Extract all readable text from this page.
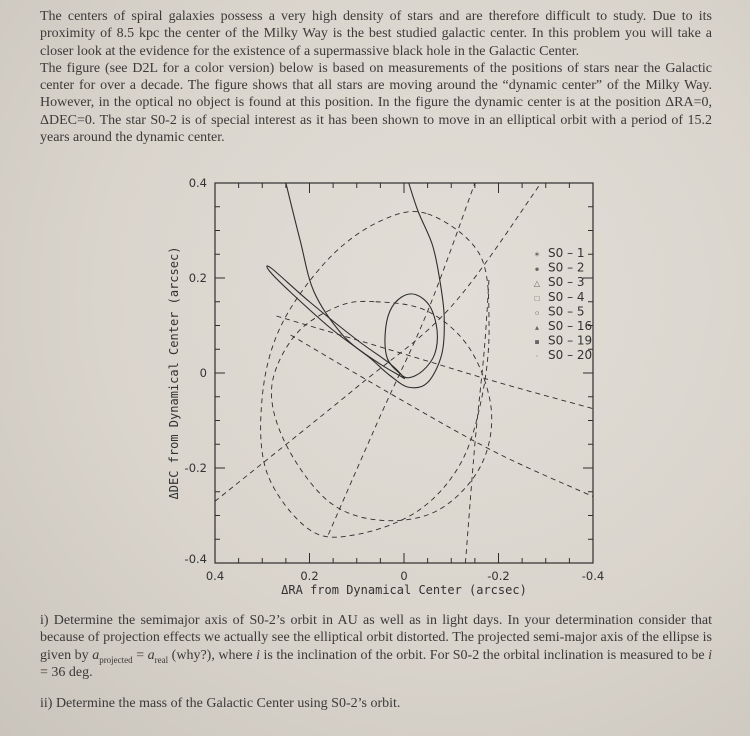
The centers of spiral galaxies possess a very high density of stars and are therefore difficult to study. Due to its proximity of 8.5 kpc the center of the Milky Way is the best studied galactic center. In this problem you will take a closer look at the evidence for the existence of a supermassive black hole in the Galactic Center.

The figure (see D2L for a color version) below is based on measurements of the positions of stars near the Galactic center for over a decade. The figure shows that all stars are moving around the “dynamic center” of the Milky Way. However, in the optical no object is found at this position. In the figure the dynamic center is at the position ΔRA=0, ΔDEC=0. The star S0-2 is of special interest as it has been shown to move in an elliptical orbit with a period of 15.2 years around the dynamic center.

0.4	0.2	0	-0.2	-0.4
0.4
0.2
0
-0.2
-0.4
ΔRA from Dynamical Center (arcsec)
ΔDEC from Dynamical Center (arcsec)	✶ S0 – 1
● S0 – 2
△ S0 – 3
□ S0 – 4
○ S0 – 5
▴ S0 – 16
■ S0 – 19
· S0 – 20

i) Determine the semimajor axis of S0-2’s orbit in AU as well as in light days. In your determination consider that because of projection effects we actually see the elliptical orbit distorted. The projected semi-major axis of the ellipse is given by $a_{projected} = a_{real}$ (why?), where i is the inclination of the orbit. For S0-2 the orbital inclination is measured to be i = 36 deg.

ii) Determine the mass of the Galactic Center using S0-2’s orbit.
